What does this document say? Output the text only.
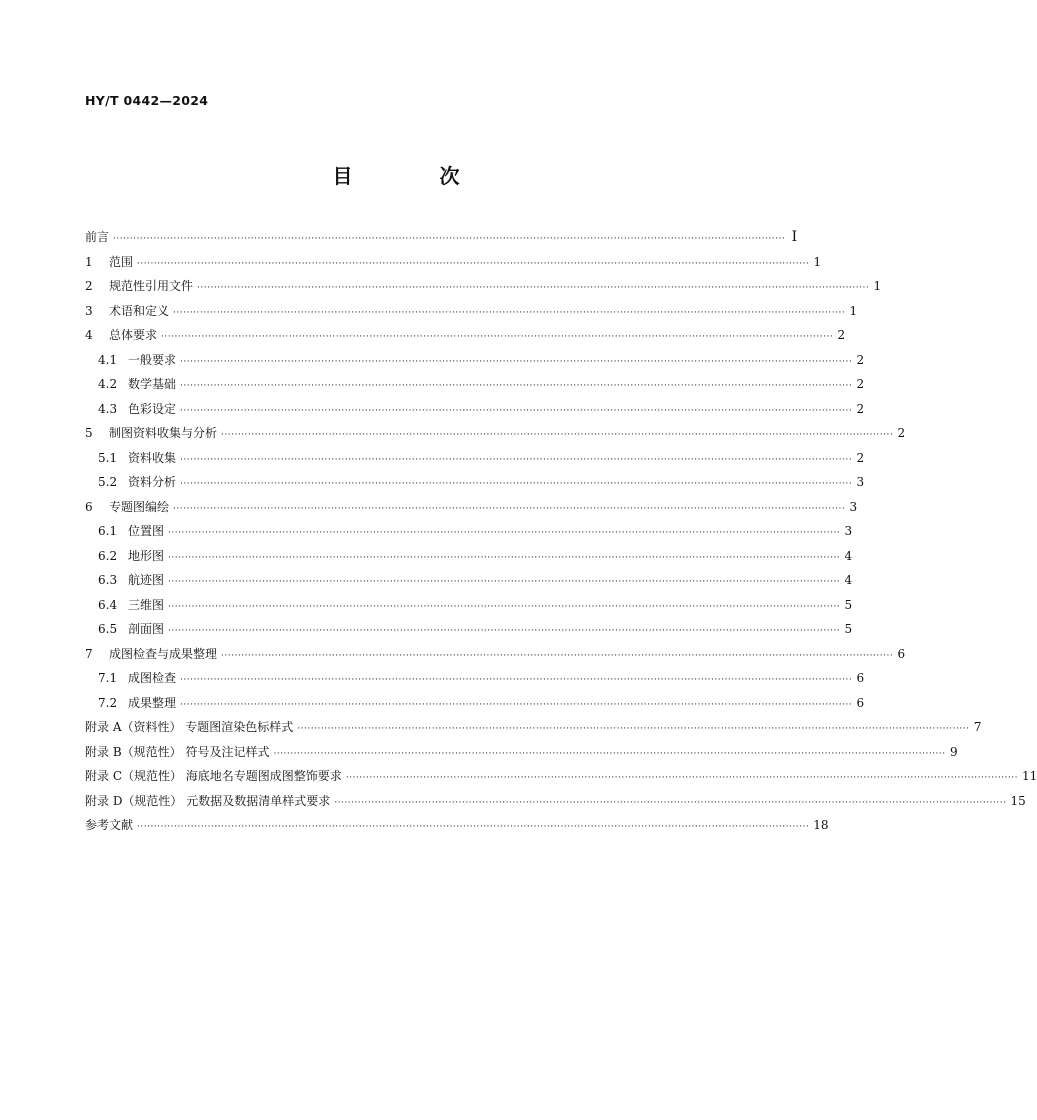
HY/T 0442—2024
目 次
前言 ········································································································································································································ I
1 范围 ········································································································································································································ 1
2 规范性引用文件 ········································································································································································································ 1
3 术语和定义 ········································································································································································································ 1
4 总体要求 ········································································································································································································ 2
4.1 一般要求 ········································································································································································································ 2
4.2 数学基础 ········································································································································································································ 2
4.3 色彩设定 ········································································································································································································ 2
5 制图资料收集与分析 ········································································································································································································ 2
5.1 资料收集 ········································································································································································································ 2
5.2 资料分析 ········································································································································································································ 3
6 专题图编绘 ········································································································································································································ 3
6.1 位置图 ········································································································································································································ 3
6.2 地形图 ········································································································································································································ 4
6.3 航迹图 ········································································································································································································ 4
6.4 三维图 ········································································································································································································ 5
6.5 剖面图 ········································································································································································································ 5
7 成图检查与成果整理 ········································································································································································································ 6
7.1 成图检查 ········································································································································································································ 6
7.2 成果整理 ········································································································································································································ 6
附录 A（资料性） 专题图渲染色标样式 ········································································································································································································ 7
附录 B（规范性） 符号及注记样式 ········································································································································································································ 9
附录 C（规范性） 海底地名专题图成图整饰要求 ········································································································································································································ 11
附录 D（规范性） 元数据及数据清单样式要求 ········································································································································································································ 15
参考文献 ········································································································································································································ 18
